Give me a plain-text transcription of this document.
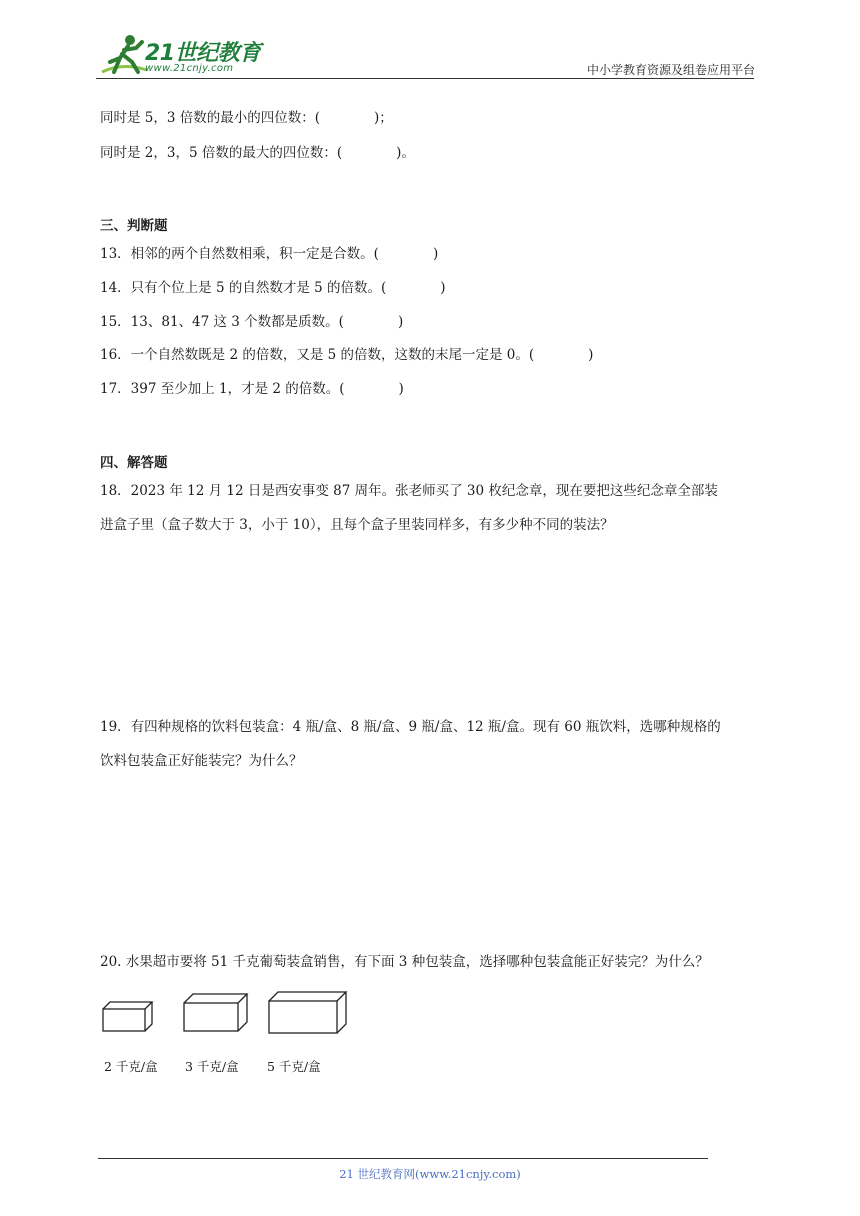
21世纪教育
www.21cnjy.com	中小学教育资源及组卷应用平台
同时是 5，3 倍数的最小的四位数：(　　　　)；
同时是 2，3，5 倍数的最大的四位数：(　　　　)。
三、判断题
13．相邻的两个自然数相乘，积一定是合数。(　　　　)
14．只有个位上是 5 的自然数才是 5 的倍数。(　　　　)
15．13、81、47 这 3 个数都是质数。(　　　　)
16．一个自然数既是 2 的倍数，又是 5 的倍数，这数的末尾一定是 0。(　　　　)
17．397 至少加上 1，才是 2 的倍数。(　　　　)
四、解答题
18．2023 年 12 月 12 日是西安事变 87 周年。张老师买了 30 枚纪念章，现在要把这些纪念章全部装
进盒子里（盒子数大于 3，小于 10），且每个盒子里装同样多，有多少种不同的装法？
19．有四种规格的饮料包装盒：4 瓶/盒、8 瓶/盒、9 瓶/盒、12 瓶/盒。现有 60 瓶饮料，选哪种规格的
饮料包装盒正好能装完？为什么？
20. 水果超市要将 51 千克葡萄装盒销售，有下面 3 种包装盒，选择哪种包装盒能正好装完？为什么？
2 千克/盒 3 千克/盒 5 千克/盒
21 世纪教育网(www.21cnjy.com)
